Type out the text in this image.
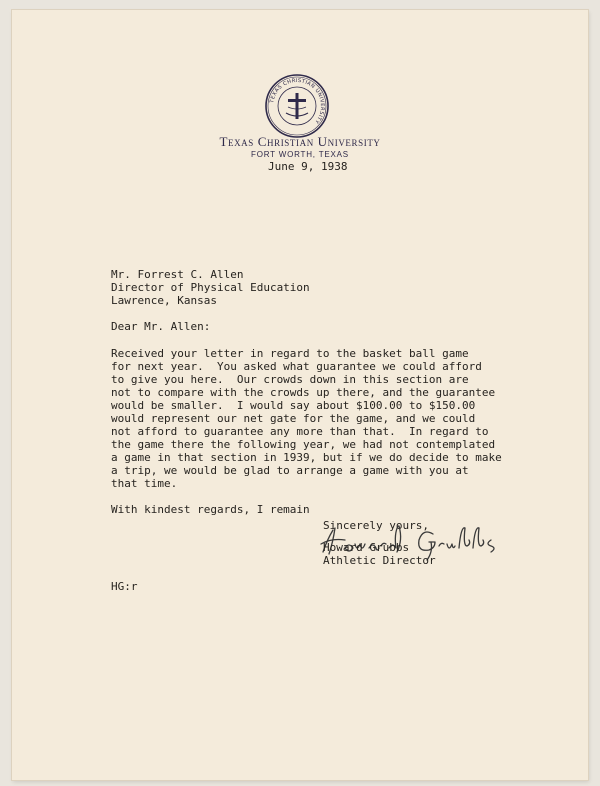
TEXAS CHRISTIAN UNIVERSITY
Texas Christian University
FORT WORTH, TEXAS
June 9, 1938
Mr. Forrest C. Allen
Director of Physical Education
Lawrence, Kansas
Dear Mr. Allen:
Received your letter in regard to the basket ball game
for next year.  You asked what guarantee we could afford
to give you here.  Our crowds down in this section are
not to compare with the crowds up there, and the guarantee
would be smaller.  I would say about $100.00 to $150.00
would represent our net gate for the game, and we could
not afford to guarantee any more than that.  In regard to
the game there the following year, we had not contemplated
a game in that section in 1939, but if we do decide to make
a trip, we would be glad to arrange a game with you at
that time.
With kindest regards, I remain
Sincerely yours,
Howard Grubbs
Athletic Director
HG:r
